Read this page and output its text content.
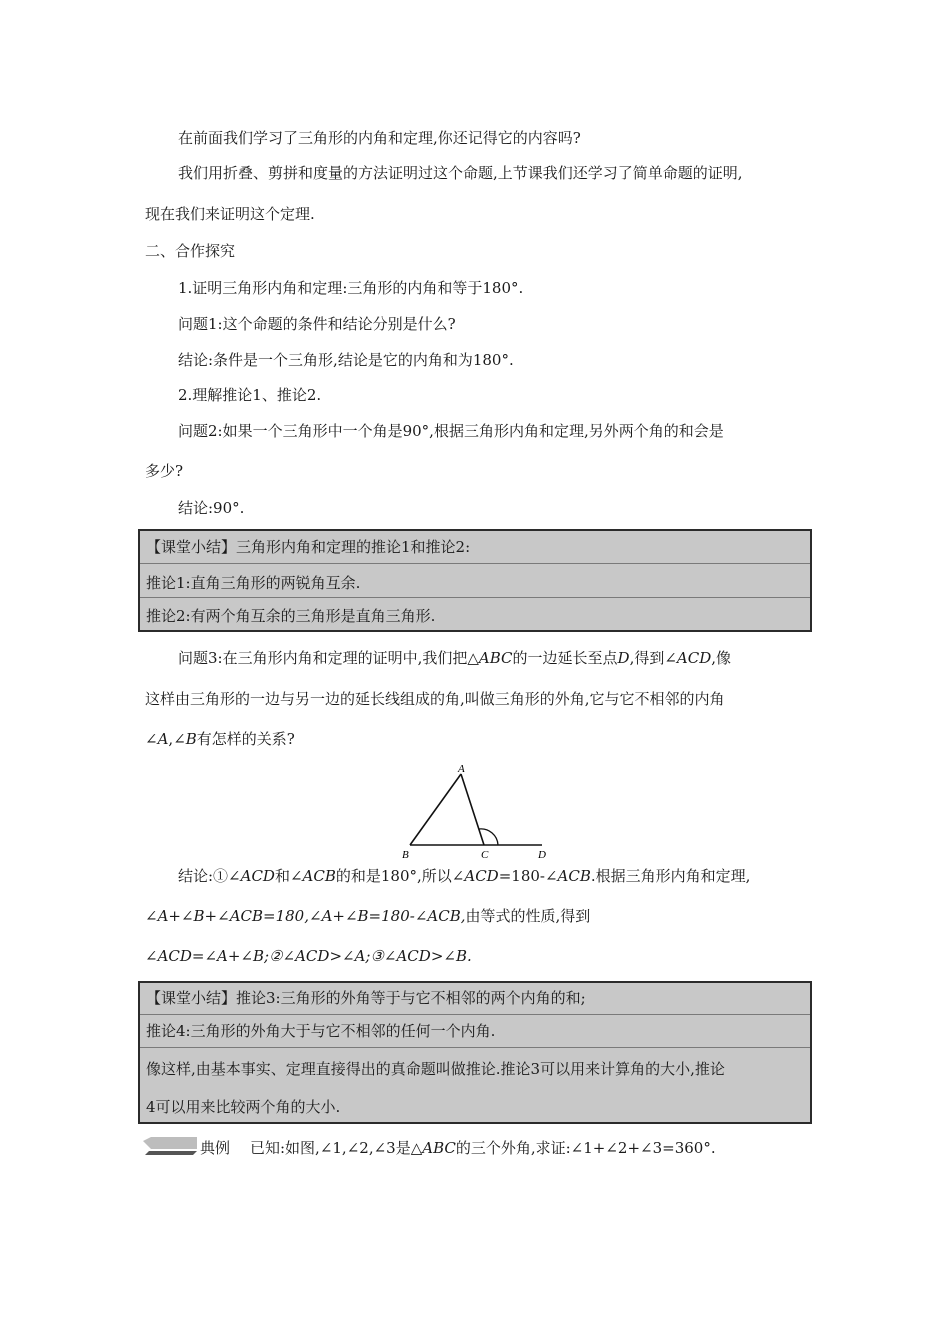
在前面我们学习了三角形的内角和定理,你还记得它的内容吗?
我们用折叠、剪拼和度量的方法证明过这个命题,上节课我们还学习了简单命题的证明,
现在我们来证明这个定理.
二、合作探究
1.证明三角形内角和定理:三角形的内角和等于180°.
问题1:这个命题的条件和结论分别是什么?
结论:条件是一个三角形,结论是它的内角和为180°.
2.理解推论1、推论2.
问题2:如果一个三角形中一个角是90°,根据三角形内角和定理,另外两个角的和会是
多少?
结论:90°.
【课堂小结】三角形内角和定理的推论1和推论2:
推论1:直角三角形的两锐角互余.
推论2:有两个角互余的三角形是直角三角形.
问题3:在三角形内角和定理的证明中,我们把△ABC的一边延长至点D,得到∠ACD,像
这样由三角形的一边与另一边的延长线组成的角,叫做三角形的外角,它与它不相邻的内角
∠A,∠B有怎样的关系?
A
B	C	D
结论:①∠ACD和∠ACB的和是180°,所以∠ACD=180-∠ACB.根据三角形内角和定理,
∠A+∠B+∠ACB=180,∠A+∠B=180-∠ACB,由等式的性质,得到
∠ACD=∠A+∠B;②∠ACD>∠A;③∠ACD>∠B.
【课堂小结】推论3:三角形的外角等于与它不相邻的两个内角的和;
推论4:三角形的外角大于与它不相邻的任何一个内角.
像这样,由基本事实、定理直接得出的真命题叫做推论.推论3可以用来计算角的大小,推论
4可以用来比较两个角的大小.
典例 已知:如图,∠1,∠2,∠3是△ABC的三个外角,求证:∠1+∠2+∠3=360°.
